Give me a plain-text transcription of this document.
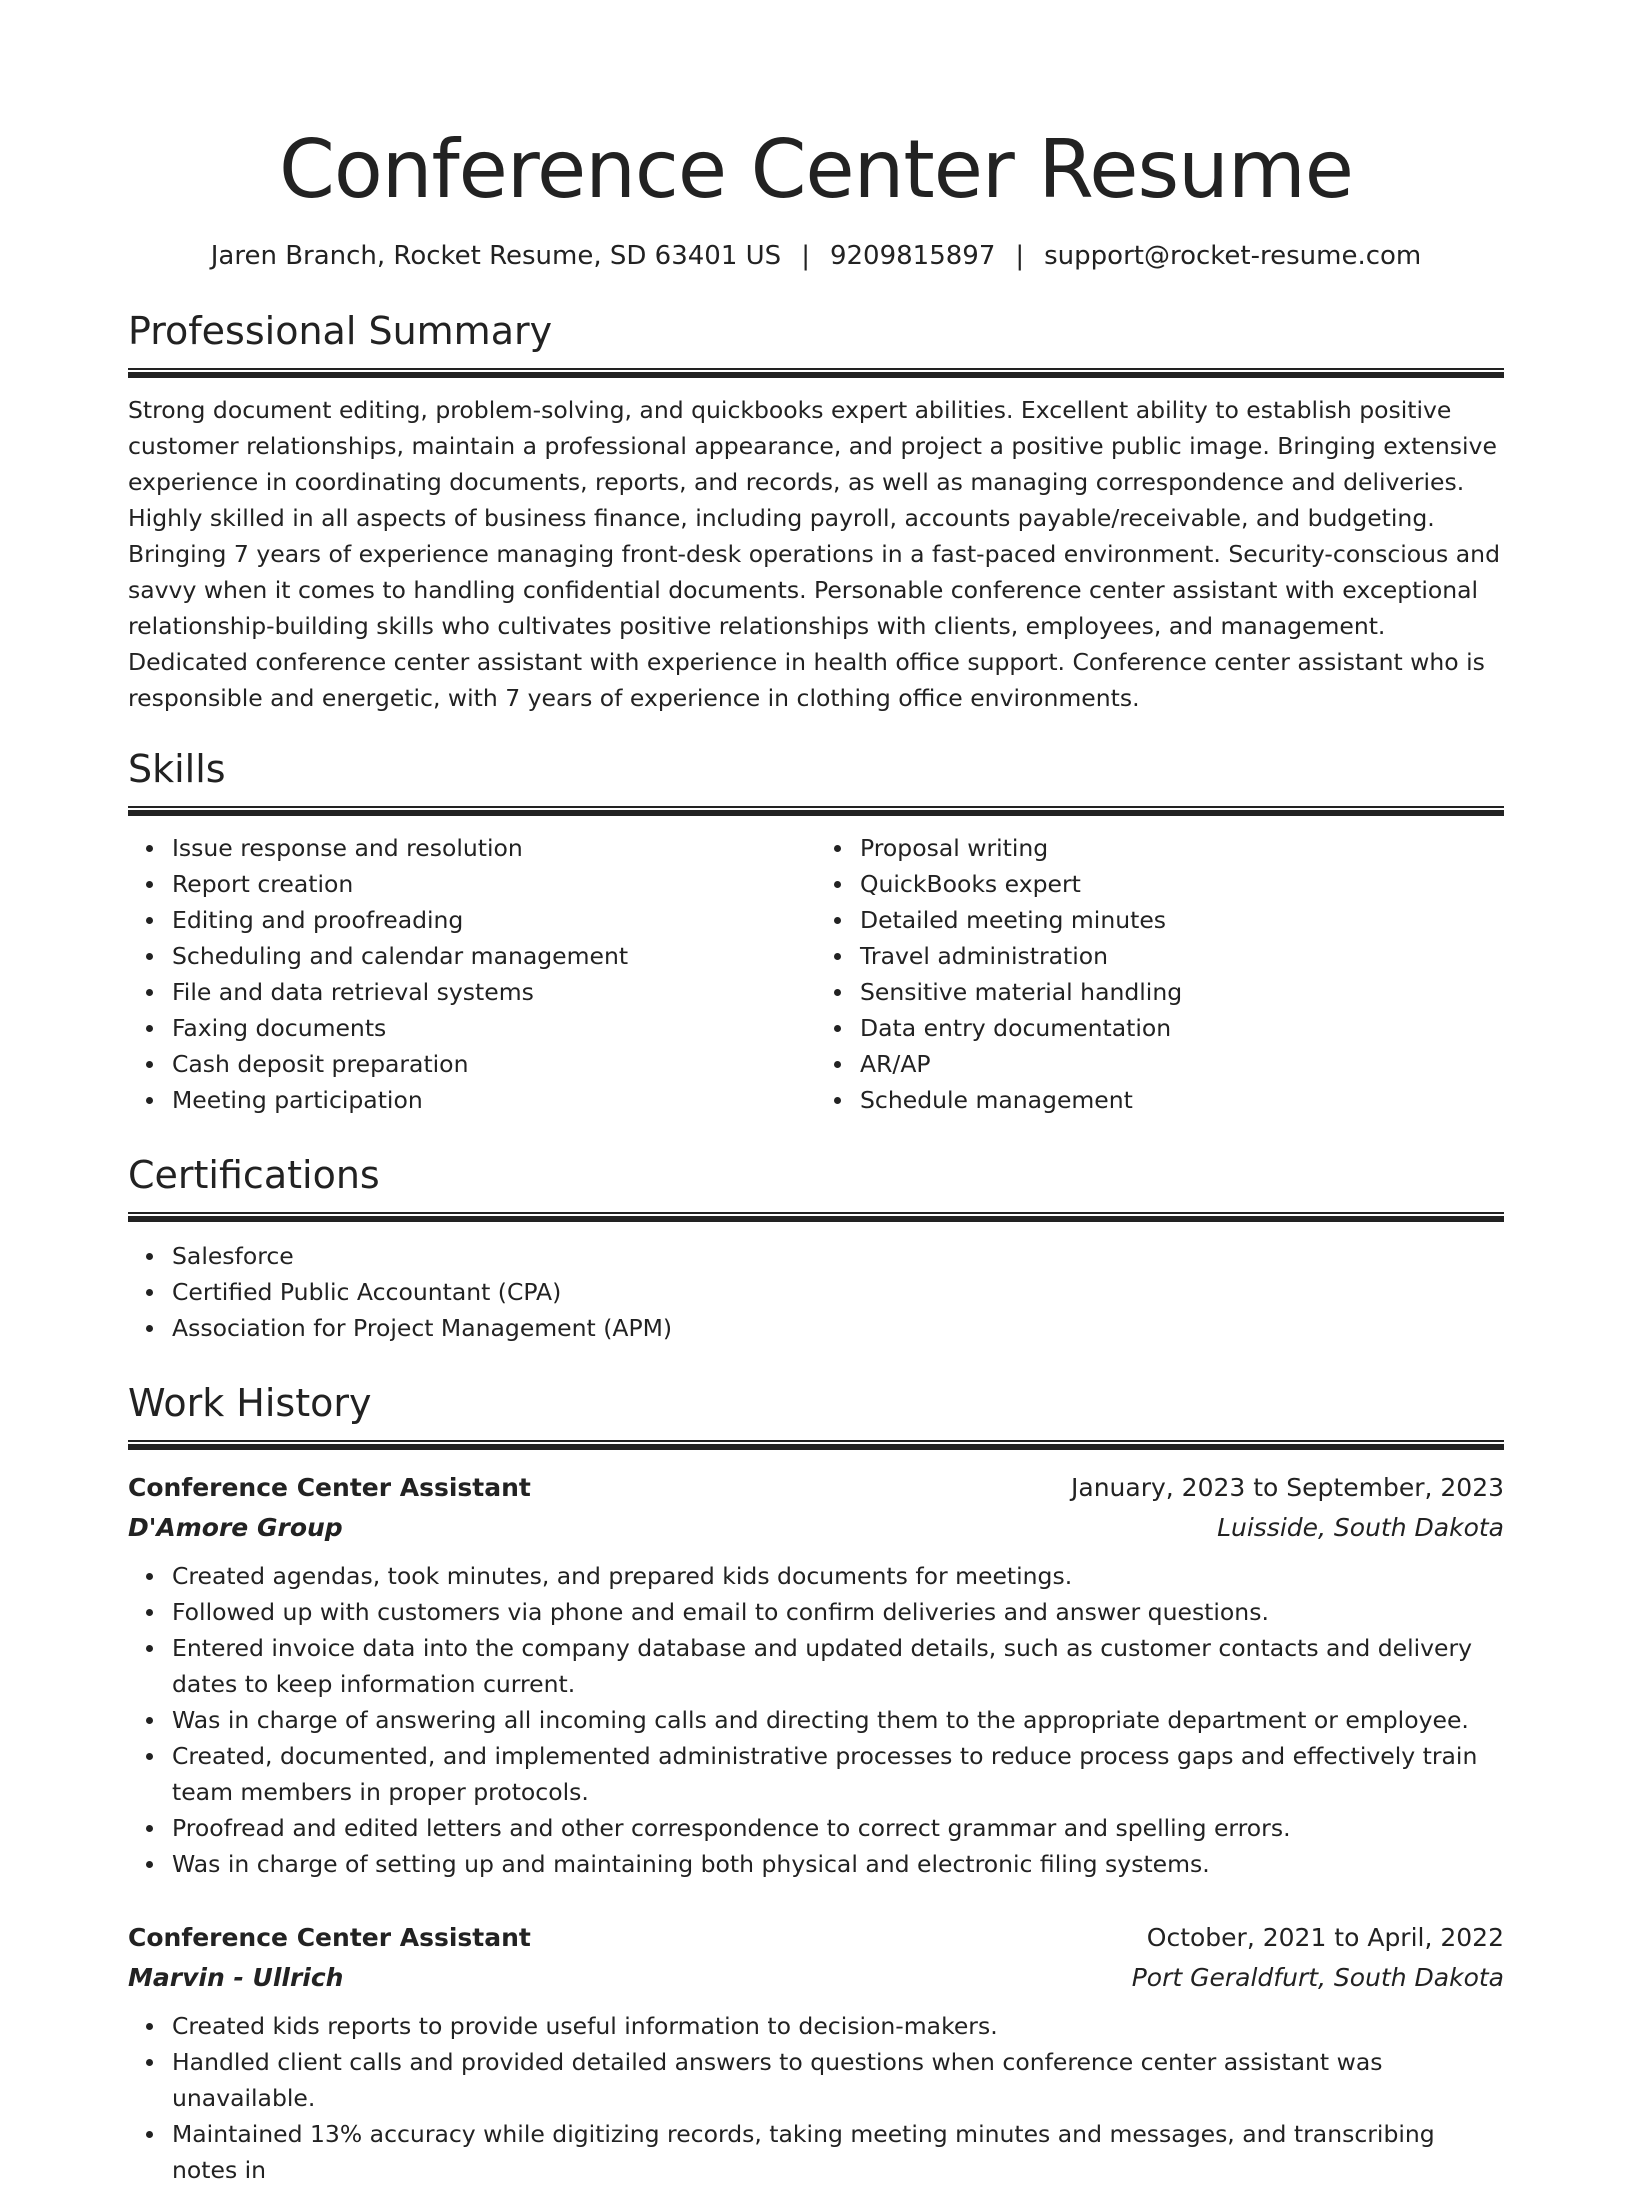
Conference Center Resume
Jaren Branch, Rocket Resume, SD 63401 US | 9209815897 | support@rocket-resume.com
Professional Summary

Strong document editing, problem-solving, and quickbooks expert abilities. Excellent ability to establish positive customer relationships, maintain a professional appearance, and project a positive public image. Bringing extensive experience in coordinating documents, reports, and records, as well as managing correspondence and deliveries. Highly skilled in all aspects of business finance, including payroll, accounts payable/receivable, and budgeting. Bringing 7 years of experience managing front-desk operations in a fast-paced environment. Security-conscious and savvy when it comes to handling confidential documents. Personable conference center assistant with exceptional relationship-building skills who cultivates positive relationships with clients, employees, and management. Dedicated conference center assistant with experience in health office support. Conference center assistant who is responsible and energetic, with 7 years of experience in clothing office environments.

Skills
Issue response and resolution
Report creation
Editing and proofreading
Scheduling and calendar management
File and data retrieval systems
Faxing documents
Cash deposit preparation
Meeting participation
Proposal writing
QuickBooks expert
Detailed meeting minutes
Travel administration
Sensitive material handling
Data entry documentation
AR/AP
Schedule management
Certifications
Salesforce
Certified Public Accountant (CPA)
Association for Project Management (APM)
Work History
Conference Center Assistant	January, 2023 to September, 2023
D'Amore Group	Luisside, South Dakota
Created agendas, took minutes, and prepared kids documents for meetings.
Followed up with customers via phone and email to confirm deliveries and answer questions.
Entered invoice data into the company database and updated details, such as customer contacts and delivery dates to keep information current.
Was in charge of answering all incoming calls and directing them to the appropriate department or employee.
Created, documented, and implemented administrative processes to reduce process gaps and effectively train team members in proper protocols.
Proofread and edited letters and other correspondence to correct grammar and spelling errors.
Was in charge of setting up and maintaining both physical and electronic filing systems.
Conference Center Assistant	October, 2021 to April, 2022
Marvin - Ullrich	Port Geraldfurt, South Dakota
Created kids reports to provide useful information to decision-makers.
Handled client calls and provided detailed answers to questions when conference center assistant was unavailable.
Maintained 13% accuracy while digitizing records, taking meeting minutes and messages, and transcribing notes in
